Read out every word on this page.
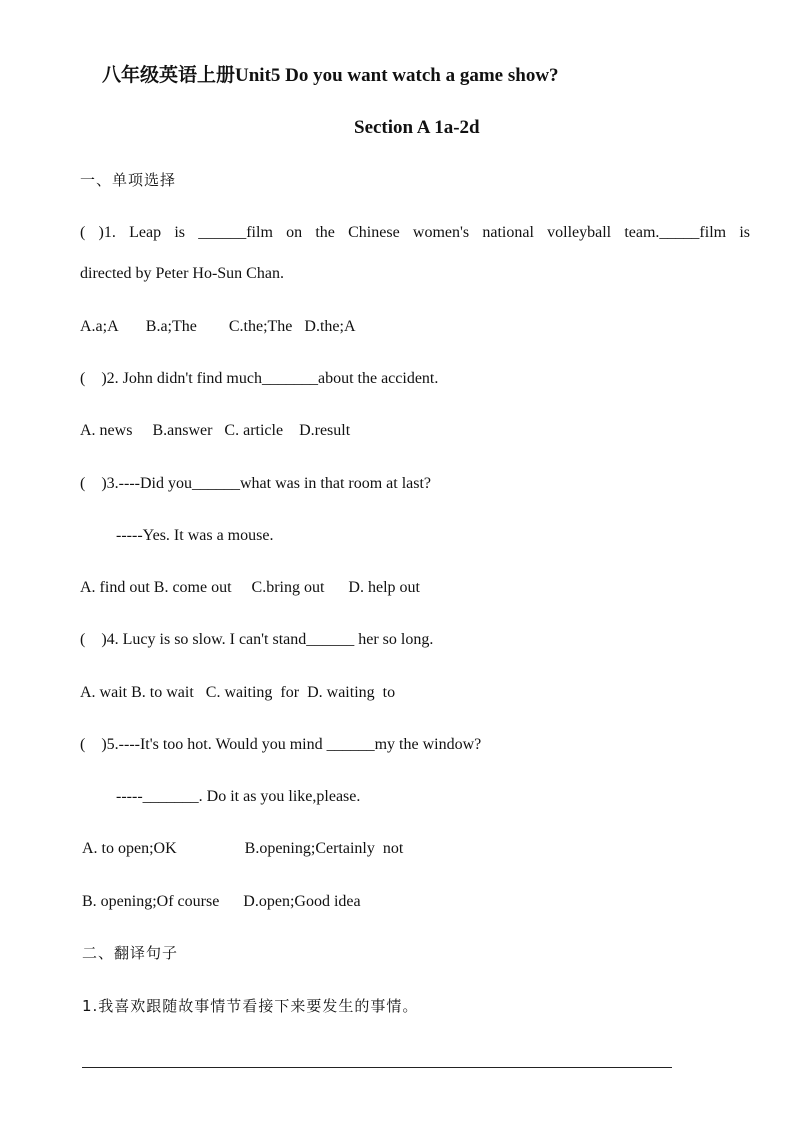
八年级英语上册Unit5 Do you want watch a game show?
Section A 1a-2d
一、单项选择
( )1. Leap is ______film on the Chinese women's national volleyball team._____film is
directed by Peter Ho-Sun Chan.
A.a;A       B.a;The        C.the;The   D.the;A
(    )2. John didn't find much_______about the accident.
A. news     B.answer   C. article    D.result
(    )3.----Did you______what was in that room at last?
-----Yes. It was a mouse.
A. find out B. come out     C.bring out      D. help out
(    )4. Lucy is so slow. I can't stand______ her so long.
A. wait B. to wait   C. waiting  for  D. waiting  to
(    )5.----It's too hot. Would you mind ______my the window?
-----_______. Do it as you like,please.
A. to open;OK                 B.opening;Certainly  not
B. opening;Of course      D.open;Good idea
二、翻译句子
1.我喜欢跟随故事情节看接下来要发生的事情。
